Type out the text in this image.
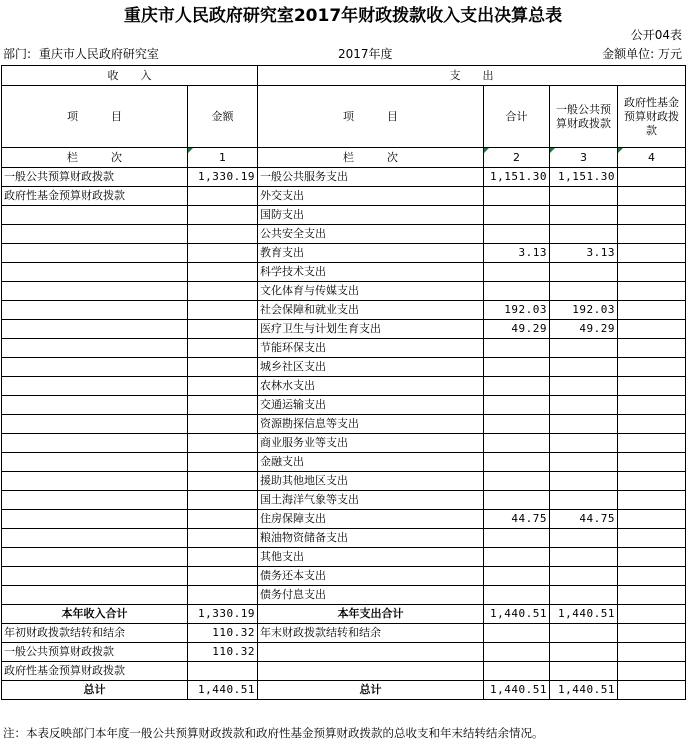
重庆市人民政府研究室2017年财政拨款收入支出决算总表
公开04表
部门: 重庆市人民政府研究室	2017年度	金额单位: 万元
收　　入		支　　出			
项　　　目	金额	项　　　目	合计	一般公共预算财政拨款	政府性基金预算财政拨款
栏　　　次	1	栏　　　次	2	3	4
一般公共预算财政拨款	1,330.19	一般公共服务支出	1,151.30	1,151.30	
政府性基金预算财政拨款		外交支出			
		国防支出			
		公共安全支出			
		教育支出	3.13	3.13	
		科学技术支出			
		文化体育与传媒支出			
		社会保障和就业支出	192.03	192.03	
		医疗卫生与计划生育支出	49.29	49.29	
		节能环保支出			
		城乡社区支出			
		农林水支出			
		交通运输支出			
		资源勘探信息等支出			
		商业服务业等支出			
		金融支出			
		援助其他地区支出			
		国土海洋气象等支出			
		住房保障支出	44.75	44.75	
		粮油物资储备支出			
		其他支出			
		债务还本支出			
		债务付息支出			
本年收入合计	1,330.19	本年支出合计	1,440.51	1,440.51	
年初财政拨款结转和结余	110.32	年末财政拨款结转和结余			
一般公共预算财政拨款	110.32				
政府性基金预算财政拨款					
总计	1,440.51	总计	1,440.51	1,440.51	
注：本表反映部门本年度一般公共预算财政拨款和政府性基金预算财政拨款的总收支和年末结转结余情况。
